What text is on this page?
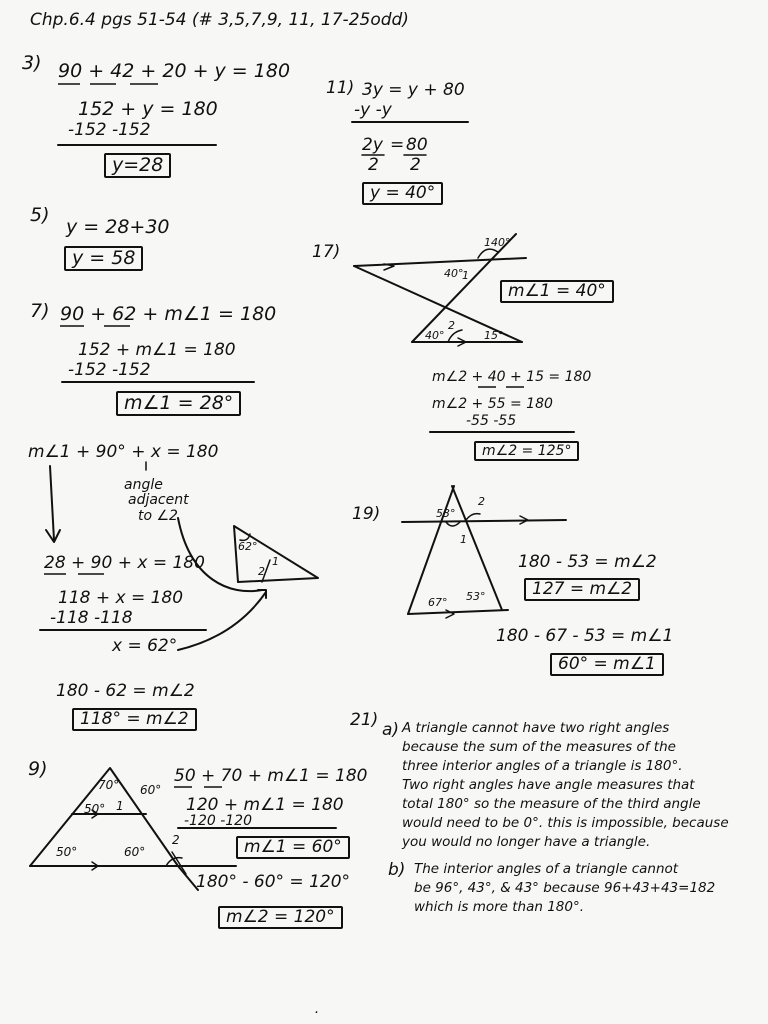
Chp.6.4 pgs 51-54 (# 3,5,7,9, 11, 17-25odd)
3) 90 + 42 + 20 + y = 180
152 + y = 180
-152 -152
y=28
5)
y = 28+30
y = 58
7) 90 + 62 + m∠1 = 180
152 + m∠1 = 180
-152 -152
m∠1 = 28°
m∠1 + 90° + x = 180
angle
adjacent
to ∠2
28 + 90 + x = 180
118 + x = 180
-118 -118
x = 62°
180 - 62 = m∠2
118° = m∠2
62°
1
2
9)
70° 60°
50° 1
60°
2
50°
50 + 70 + m∠1 = 180
120 + m∠1 = 180
-120 -120
m∠1 = 60°
180° - 60° = 120°
m∠2 = 120°
11) 3y = y + 80
-y -y
2y
2
= 80
2
y = 40°
17)	140°
40°
1
40°
2
15°
m∠1 = 40°
m∠2 + 40 + 15 = 180
m∠2 + 55 = 180
-55 -55
m∠2 = 125°
19)	53°
2
1
67° 53°
180 - 53 = m∠2
127 = m∠2
180 - 67 - 53 = m∠1
60° = m∠1
21) a) A triangle cannot have two right angles
because the sum of the measures of the
three interior angles of a triangle is 180°.
Two right angles have angle measures that
total 180° so the measure of the third angle
would need to be 0°. this is impossible, because
you would no longer have a triangle.
b) The interior angles of a triangle cannot
be 96°, 43°, & 43° because 96+43+43=182
which is more than 180°.
·
